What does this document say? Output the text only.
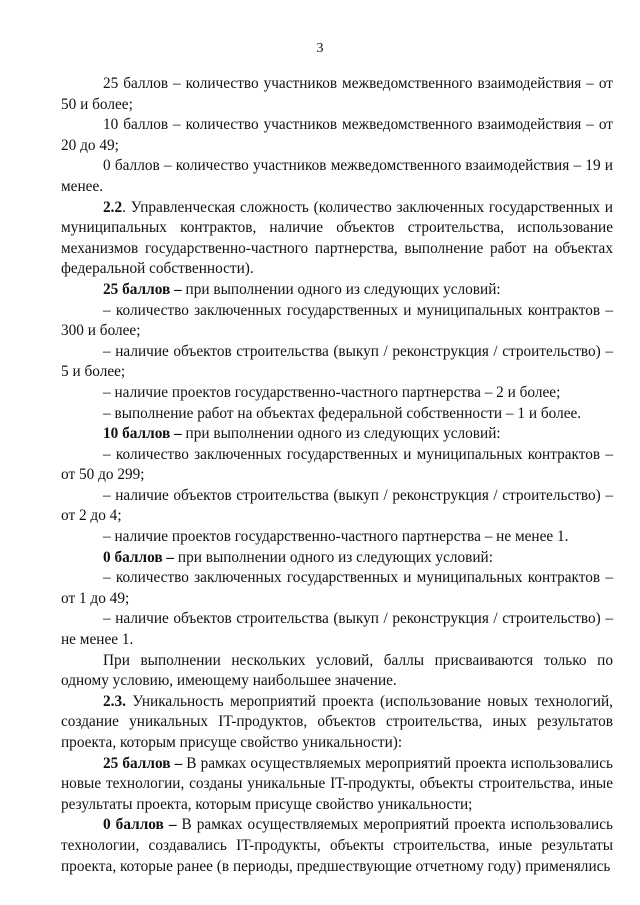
3

25 баллов – количество участников межведомственного взаимодействия – от 50 и более;

10 баллов – количество участников межведомственного взаимодействия – от 20 до 49;

0 баллов – количество участников межведомственного взаимодействия – 19 и менее.

2.2. Управленческая сложность (количество заключенных государственных и муниципальных контрактов, наличие объектов строительства, использование механизмов государственно-частного партнерства, выполнение работ на объектах федеральной собственности).

25 баллов – при выполнении одного из следующих условий:

– количество заключенных государственных и муниципальных контрактов – 300 и более;

– наличие объектов строительства (выкуп / реконструкция / строительство) – 5 и более;

– наличие проектов государственно-частного партнерства – 2 и более;

– выполнение работ на объектах федеральной собственности – 1 и более.

10 баллов – при выполнении одного из следующих условий:

– количество заключенных государственных и муниципальных контрактов – от 50 до 299;

– наличие объектов строительства (выкуп / реконструкция / строительство) – от 2 до 4;

– наличие проектов государственно-частного партнерства – не менее 1.

0 баллов – при выполнении одного из следующих условий:

– количество заключенных государственных и муниципальных контрактов – от 1 до 49;

– наличие объектов строительства (выкуп / реконструкция / строительство) – не менее 1.

При выполнении нескольких условий, баллы присваиваются только по одному условию, имеющему наибольшее значение.

2.3. Уникальность мероприятий проекта (использование новых технологий, создание уникальных IT-продуктов, объектов строительства, иных результатов проекта, которым присуще свойство уникальности):

25 баллов – В рамках осуществляемых мероприятий проекта использовались новые технологии, созданы уникальные IT-продукты, объекты строительства, иные результаты проекта, которым присуще свойство уникальности;

0 баллов – В рамках осуществляемых мероприятий проекта использовались технологии, создавались IT-продукты, объекты строительства, иные результаты проекта, которые ранее (в периоды, предшествующие отчетному году) применялись
